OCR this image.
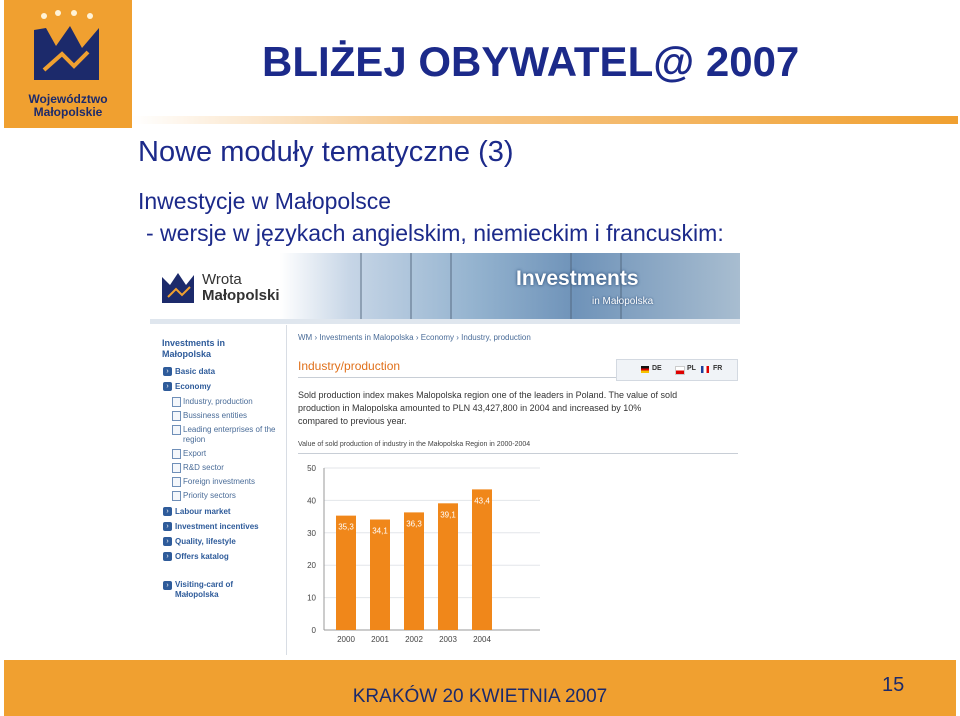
Województwo
Małopolskie
BLIŻEJ OBYWATEL@ 2007
Nowe moduły tematyczne (3)
Inwestycje w Małopolsce
- wersje w językach angielskim, niemieckim i francuskim:
Wrota
Małopolski
Investments
in Małopolska
Investments in Małopolska
› Basic data
› Economy
Industry, production
Bussiness entities
Leading enterprises of the region
Export
R&D sector
Foreign investments
Priority sectors
› Labour market
› Investment incentives
› Quality, lifestyle
› Offers katalog
› Visiting-card of Małopolska
WM › Investments in Malopolska › Economy › Industry, production
Industry/production	DE	PL FR
Sold production index makes Malopolska region one of the leaders in Poland. The value of sold production in Malopolska amounted to PLN 43,427,800 in 2004 and increased by 10% compared to previous year.
Value of sold production of industry in the Małopolska Region in 2000-2004
0
10
20
30
40
50
35,3
2000
34,1
2001
36,3
2002
39,1
2003
43,4
2004
KRAKÓW 20 KWIETNIA 2007
15
